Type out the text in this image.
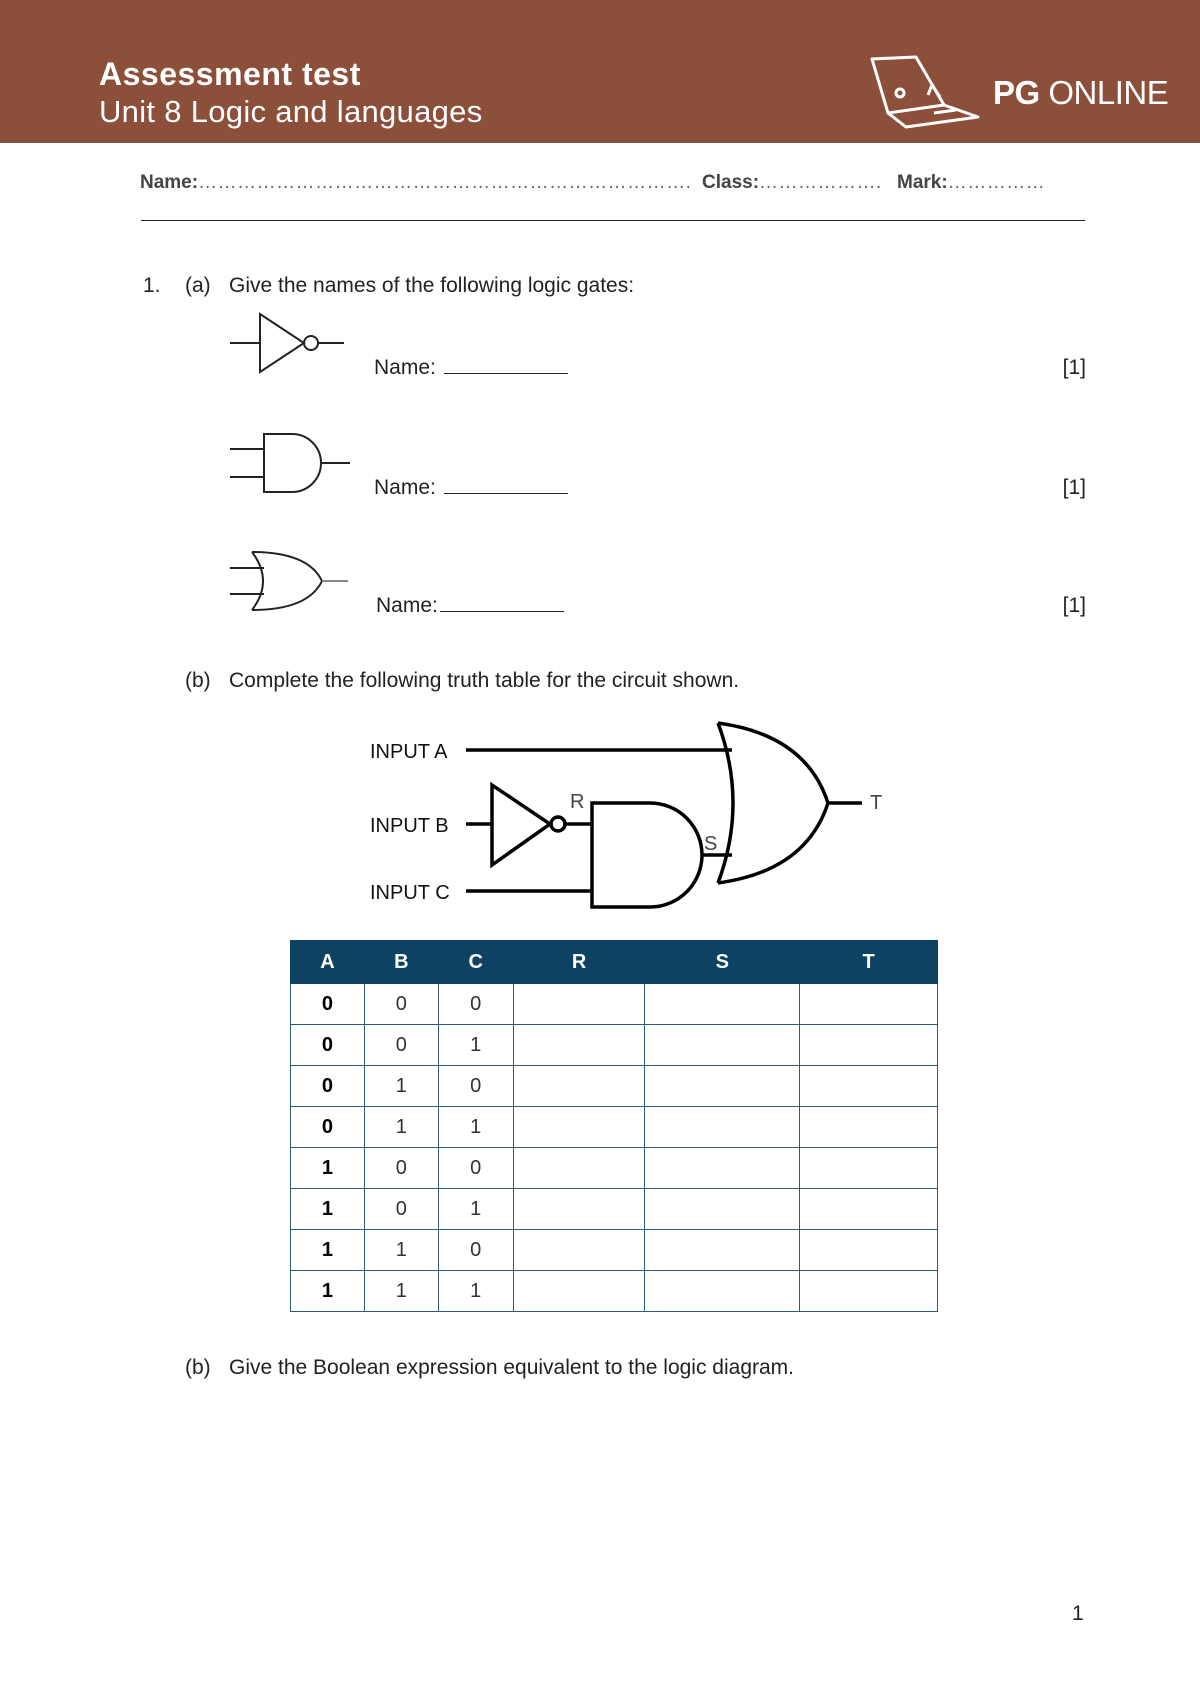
Assessment test
Unit 8 Logic and languages
PG ONLINE
Name:…………………………………………………………………. Class:………………. Mark:……………
1. (a) Give the names of the following logic gates:
Name:	[1]
Name:	[1]
Name:	[1]
(b) Complete the following truth table for the circuit shown.
INPUT A
INPUT B
INPUT C
R
S
T
A	B	C	R	S	T
0	0	0			
0	0	1			
0	1	0			
0	1	1			
1	0	0			
1	0	1			
1	1	0			
1	1	1			
(b) Give the Boolean expression equivalent to the logic diagram.
1
